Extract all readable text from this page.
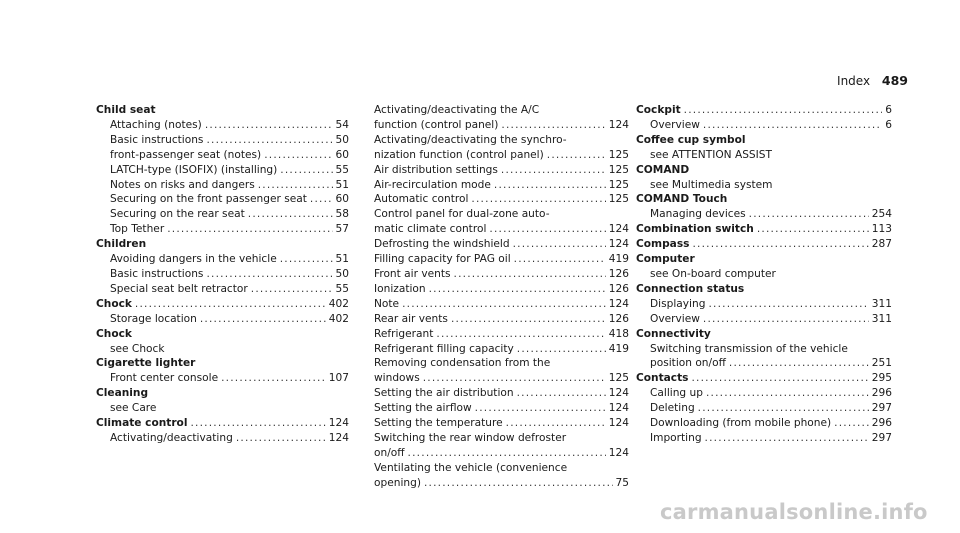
Index 489
Child seat
Attaching (notes) .....	54
Basic instructions .....	50
front-passenger seat (notes) .....	60
LATCH-type (ISOFIX) (installing) .....	55
Notes on risks and dangers .....	51
Securing on the front passenger seat .....	60
Securing on the rear seat .....	58
Top Tether .....	57
Children
Avoiding dangers in the vehicle .....	51
Basic instructions .....	50
Special seat belt retractor .....	55
Chock .....	402
Storage location .....	402
Chock
see Chock
Cigarette lighter
Front center console .....	107
Cleaning
see Care
Climate control .....	124
Activating/deactivating .....	124
Activating/deactivating the A/C
function (control panel) .....	124
Activating/deactivating the synchro-
nization function (control panel) .....	125
Air distribution settings .....	125
Air-recirculation mode .....	125
Automatic control .....	125
Control panel for dual-zone auto-
matic climate control .....	124
Defrosting the windshield .....	124
Filling capacity for PAG oil .....	419
Front air vents .....	126
Ionization .....	126
Note .....	124
Rear air vents .....	126
Refrigerant .....	418
Refrigerant filling capacity .....	419
Removing condensation from the
windows .....	125
Setting the air distribution .....	124
Setting the airflow .....	124
Setting the temperature .....	124
Switching the rear window defroster
on/off .....	124
Ventilating the vehicle (convenience
opening) .....	75
Cockpit .....	6
Overview .....	6
Coffee cup symbol
see ATTENTION ASSIST
COMAND
see Multimedia system
COMAND Touch
Managing devices .....	254
Combination switch .....	113
Compass .....	287
Computer
see On-board computer
Connection status
Displaying .....	311
Overview .....	311
Connectivity
Switching transmission of the vehicle
position on/off .....	251
Contacts .....	295
Calling up .....	296
Deleting .....	297
Downloading (from mobile phone) .....	296
Importing .....	297
carmanualsonline.info
